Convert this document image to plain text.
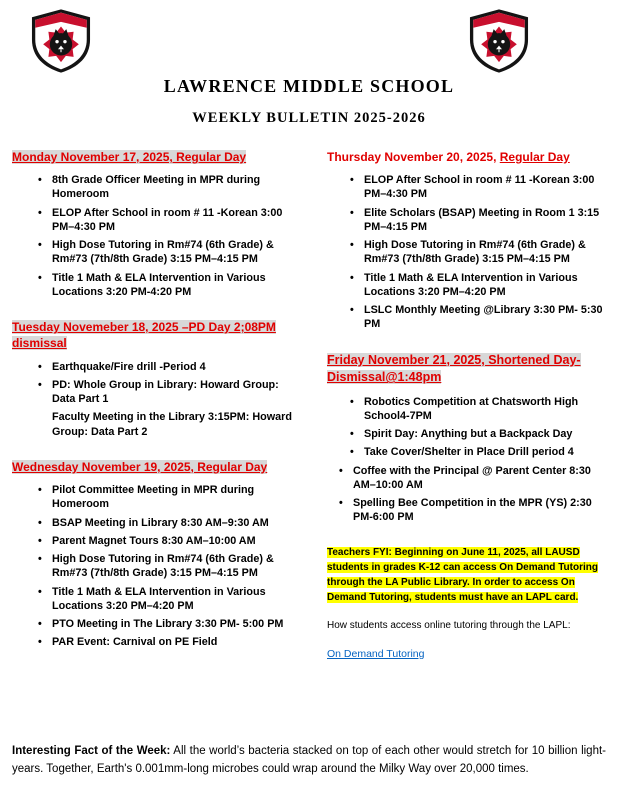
LAWRENCE MIDDLE SCHOOL
WEEKLY BULLETIN 2025-2026
Monday November 17, 2025, Regular Day
• 8th Grade Officer Meeting in MPR during Homeroom
• ELOP After School in room # 11 -Korean 3:00 PM–4:30 PM
• High Dose Tutoring in Rm#74 (6th Grade) & Rm#73 (7th/8th Grade) 3:15 PM–4:15 PM
• Title 1 Math & ELA Intervention in Various Locations 3:20 PM-4:20 PM
Tuesday Novemeber 18, 2025 –PD Day 2;08PM dismissal
• Earthquake/Fire drill -Period 4
• PD: Whole Group in Library: Howard Group: Data Part 1
Faculty Meeting in the Library 3:15PM: Howard Group: Data Part 2
Wednesday November 19, 2025, Regular Day
• Pilot Committee Meeting in MPR during Homeroom
• BSAP Meeting in Library 8:30 AM–9:30 AM
• Parent Magnet Tours 8:30 AM–10:00 AM
• High Dose Tutoring in Rm#74 (6th Grade) & Rm#73 (7th/8th Grade) 3:15 PM–4:15 PM
• Title 1 Math & ELA Intervention in Various Locations 3:20 PM–4:20 PM
• PTO Meeting in The Library 3:30 PM- 5:00 PM
• PAR Event: Carnival on PE Field
Thursday November 20, 2025, Regular Day
• ELOP After School in room # 11 -Korean 3:00 PM–4:30 PM
• Elite Scholars (BSAP) Meeting in Room 1 3:15 PM–4:15 PM
• High Dose Tutoring in Rm#74 (6th Grade) & Rm#73 (7th/8th Grade) 3:15 PM–4:15 PM
• Title 1 Math & ELA Intervention in Various Locations 3:20 PM–4:20 PM
• LSLC Monthly Meeting @Library 3:30 PM- 5:30 PM
Friday November 21, 2025, Shortened Day-Dismissal@1:48pm
• Robotics Competition at Chatsworth High School4-7PM
• Spirit Day: Anything but a Backpack Day
• Take Cover/Shelter in Place Drill period 4
• Coffee with the Principal @ Parent Center 8:30 AM–10:00 AM
• Spelling Bee Competition in the MPR (YS) 2:30 PM-6:00 PM

Teachers FYI: Beginning on June 11, 2025, all LAUSD students in grades K-12 can access On Demand Tutoring through the LA Public Library. In order to access On Demand Tutoring, students must have an LAPL card.

How students access online tutoring through the LAPL:

On Demand Tutoring

Interesting Fact of the Week: All the world’s bacteria stacked on top of each other would stretch for 10 billion light-years. Together, Earth's 0.001mm-long microbes could wrap around the Milky Way over 20,000 times.
